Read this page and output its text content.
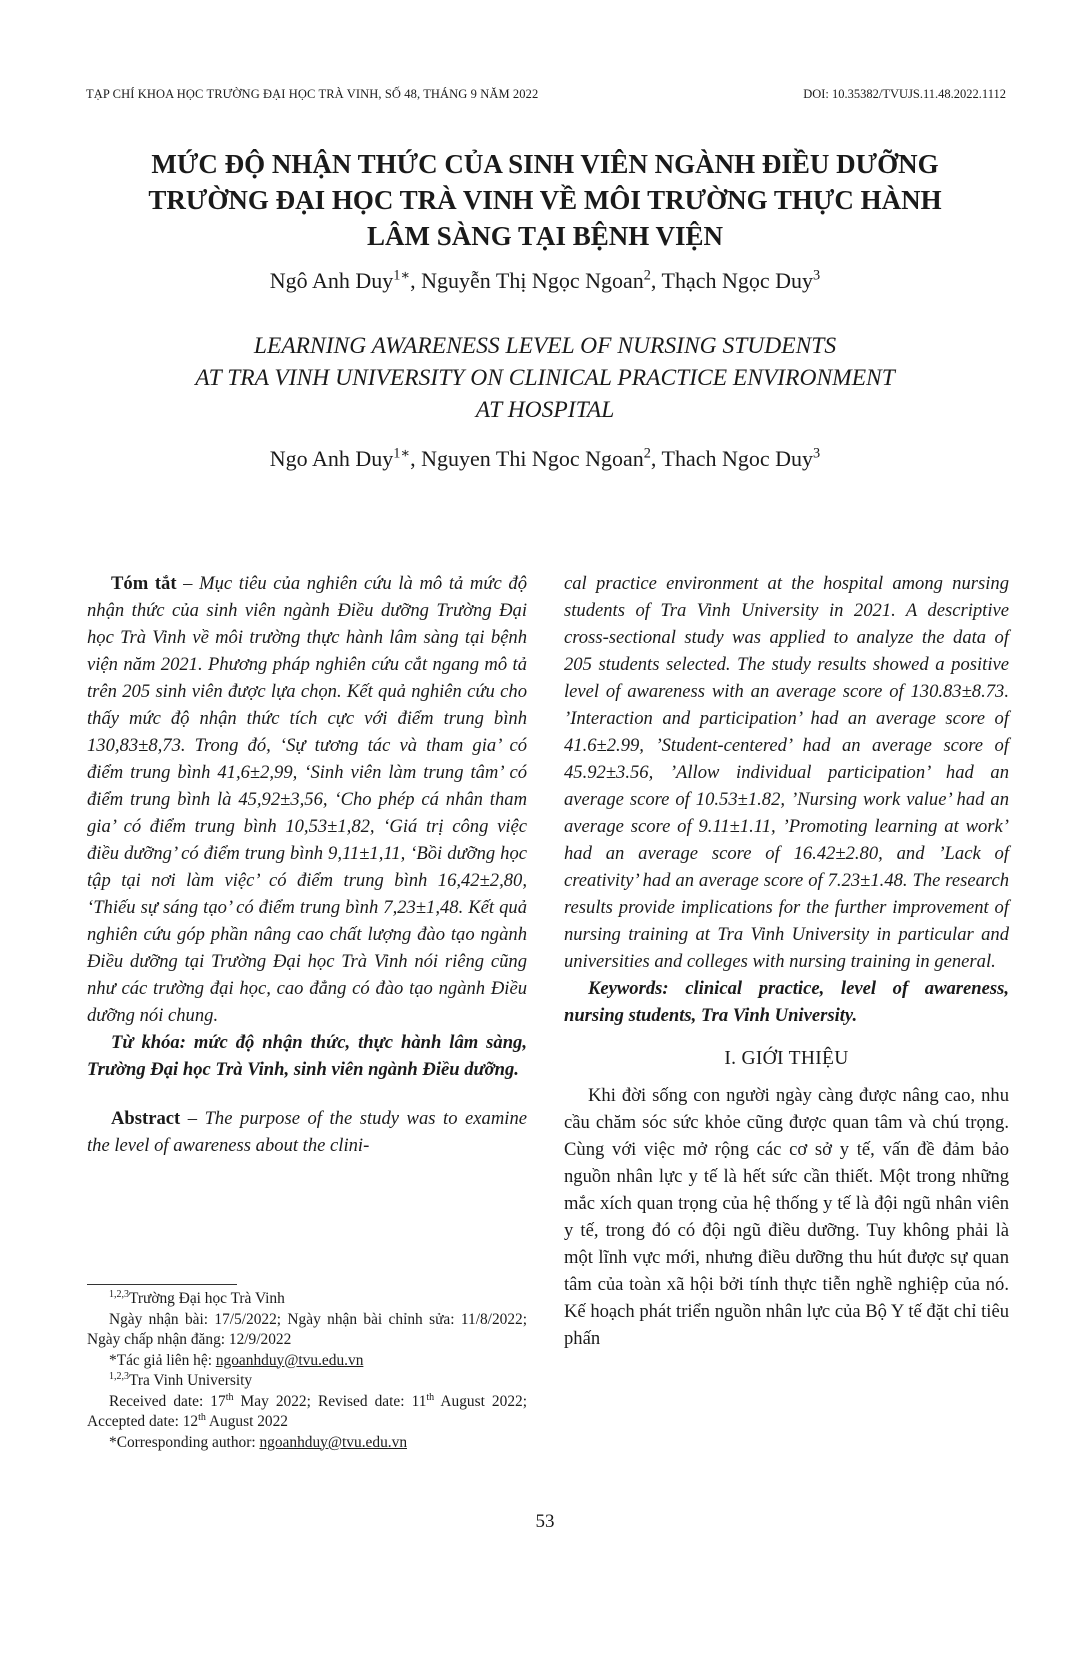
TẠP CHÍ KHOA HỌC TRƯỜNG ĐẠI HỌC TRÀ VINH, SỐ 48, THÁNG 9 NĂM 2022	DOI: 10.35382/TVUJS.11.48.2022.1112
MỨC ĐỘ NHẬN THỨC CỦA SINH VIÊN NGÀNH ĐIỀU DƯỠNG
TRƯỜNG ĐẠI HỌC TRÀ VINH VỀ MÔI TRƯỜNG THỰC HÀNH
LÂM SÀNG TẠI BỆNH VIỆN
Ngô Anh Duy$^{1∗}$, Nguyễn Thị Ngọc Ngoan$^2$, Thạch Ngọc Duy$^3$
LEARNING AWARENESS LEVEL OF NURSING STUDENTS
AT TRA VINH UNIVERSITY ON CLINICAL PRACTICE ENVIRONMENT
AT HOSPITAL
Ngo Anh Duy$^{1∗}$, Nguyen Thi Ngoc Ngoan$^2$, Thach Ngoc Duy$^3$

Tóm tắt – Mục tiêu của nghiên cứu là mô tả mức độ nhận thức của sinh viên ngành Điều dưỡng Trường Đại học Trà Vinh về môi trường thực hành lâm sàng tại bệnh viện năm 2021. Phương pháp nghiên cứu cắt ngang mô tả trên 205 sinh viên được lựa chọn. Kết quả nghiên cứu cho thấy mức độ nhận thức tích cực với điểm trung bình 130,83±8,73. Trong đó, ‘Sự tương tác và tham gia’ có điểm trung bình 41,6±2,99, ‘Sinh viên làm trung tâm’ có điểm trung bình là 45,92±3,56, ‘Cho phép cá nhân tham gia’ có điểm trung bình 10,53±1,82, ‘Giá trị công việc điều dưỡng’ có điểm trung bình 9,11±1,11, ‘Bồi dưỡng học tập tại nơi làm việc’ có điểm trung bình 16,42±2,80, ‘Thiếu sự sáng tạo’ có điểm trung bình 7,23±1,48. Kết quả nghiên cứu góp phần nâng cao chất lượng đào tạo ngành Điều dưỡng tại Trường Đại học Trà Vinh nói riêng cũng như các trường đại học, cao đẳng có đào tạo ngành Điều dưỡng nói chung.

Từ khóa: mức độ nhận thức, thực hành lâm sàng, Trường Đại học Trà Vinh, sinh viên ngành Điều dưỡng.

Abstract – The purpose of the study was to examine the level of awareness about the clini-

cal practice environment at the hospital among nursing students of Tra Vinh University in 2021. A descriptive cross-sectional study was applied to analyze the data of 205 students selected. The study results showed a positive level of awareness with an average score of 130.83±8.73. ’Interaction and participation’ had an average score of 41.6±2.99, ’Student-centered’ had an average score of 45.92±3.56, ’Allow individual participation’ had an average score of 10.53±1.82, ’Nursing work value’ had an average score of 9.11±1.11, ’Promoting learning at work’ had an average score of 16.42±2.80, and ’Lack of creativity’ had an average score of 7.23±1.48. The research results provide implications for the further improvement of nursing training at Tra Vinh University in particular and universities and colleges with nursing training in general.

Keywords: clinical practice, level of awareness, nursing students, Tra Vinh University.

I. GIỚI THIỆU

Khi đời sống con người ngày càng được nâng cao, nhu cầu chăm sóc sức khỏe cũng được quan tâm và chú trọng. Cùng với việc mở rộng các cơ sở y tế, vấn đề đảm bảo nguồn nhân lực y tế là hết sức cần thiết. Một trong những mắc xích quan trọng của hệ thống y tế là đội ngũ nhân viên y tế, trong đó có đội ngũ điều dưỡng. Tuy không phải là một lĩnh vực mới, nhưng điều dưỡng thu hút được sự quan tâm của toàn xã hội bởi tính thực tiễn nghề nghiệp của nó. Kế hoạch phát triển nguồn nhân lực của Bộ Y tế đặt chỉ tiêu phấn

$^{1,2,3}$Trường Đại học Trà Vinh

Ngày nhận bài: 17/5/2022; Ngày nhận bài chỉnh sửa: 11/8/2022; Ngày chấp nhận đăng: 12/9/2022

*Tác giả liên hệ: ngoanhduy@tvu.edu.vn

$^{1,2,3}$Tra Vinh University

Received date: 17th May 2022; Revised date: 11th August 2022; Accepted date: 12th August 2022

*Corresponding author: ngoanhduy@tvu.edu.vn

53
